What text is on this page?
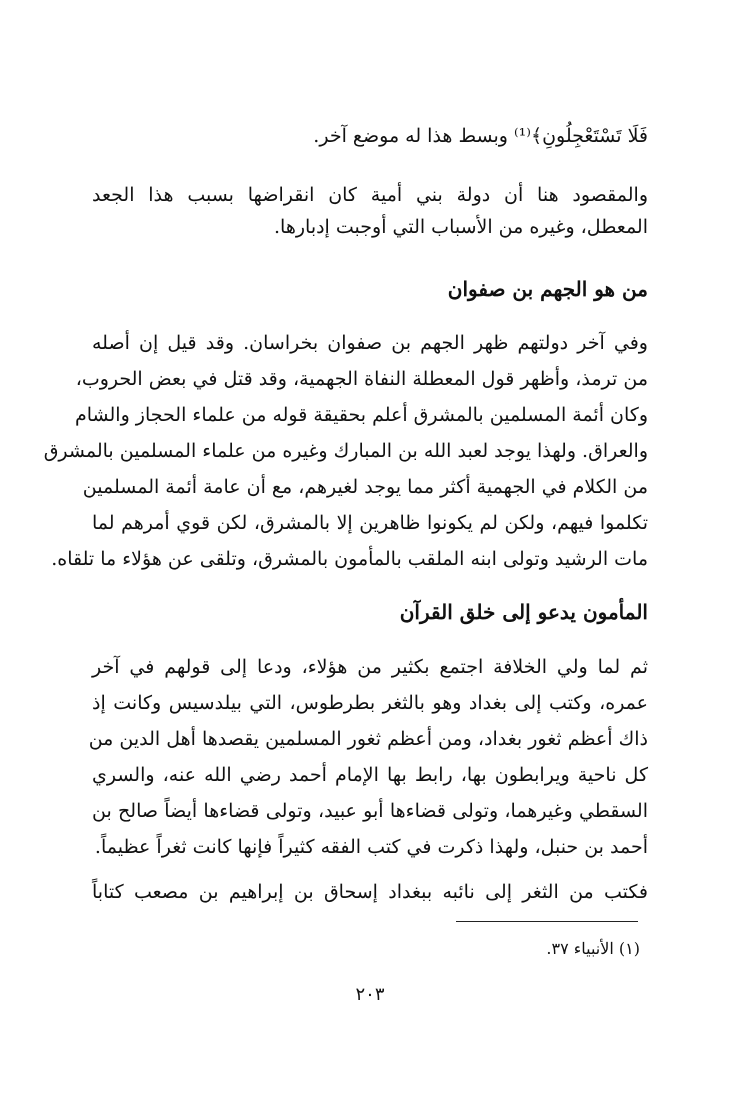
فَلَا تَسْتَعْجِلُونِ﴾⁽¹⁾ وبسط هذا له موضع آخر.
والمقصود هنا أن دولة بني أمية كان انقراضها بسبب هذا الجعد
المعطل، وغيره من الأسباب التي أوجبت إدبارها.
من هو الجهم بن صفوان
وفي آخر دولتهم ظهر الجهم بن صفوان بخراسان. وقد قيل إن أصله
من ترمذ، وأظهر قول المعطلة النفاة الجهمية، وقد قتل في بعض الحروب،
وكان أئمة المسلمين بالمشرق أعلم بحقيقة قوله من علماء الحجاز والشام
والعراق. ولهذا يوجد لعبد الله بن المبارك وغيره من علماء المسلمين بالمشرق
من الكلام في الجهمية أكثر مما يوجد لغيرهم، مع أن عامة أئمة المسلمين
تكلموا فيهم، ولكن لم يكونوا ظاهرين إلا بالمشرق، لكن قوي أمرهم لما
مات الرشيد وتولى ابنه الملقب بالمأمون بالمشرق، وتلقى عن هؤلاء ما تلقاه.
المأمون يدعو إلى خلق القرآن
ثم لما ولي الخلافة اجتمع بكثير من هؤلاء، ودعا إلى قولهم في آخر
عمره، وكتب إلى بغداد وهو بالثغر بطرطوس، التي بيلدسيس وكانت إذ
ذاك أعظم ثغور بغداد، ومن أعظم ثغور المسلمين يقصدها أهل الدين من
كل ناحية ويرابطون بها، رابط بها الإمام أحمد رضي الله عنه، والسري
السقطي وغيرهما، وتولى قضاءها أبو عبيد، وتولى قضاءها أيضاً صالح بن
أحمد بن حنبل، ولهذا ذكرت في كتب الفقه كثيراً فإنها كانت ثغراً عظيماً.
فكتب من الثغر إلى نائبه ببغداد إسحاق بن إبراهيم بن مصعب كتاباً
(١) الأنبياء ٣٧.
٢٠٣
